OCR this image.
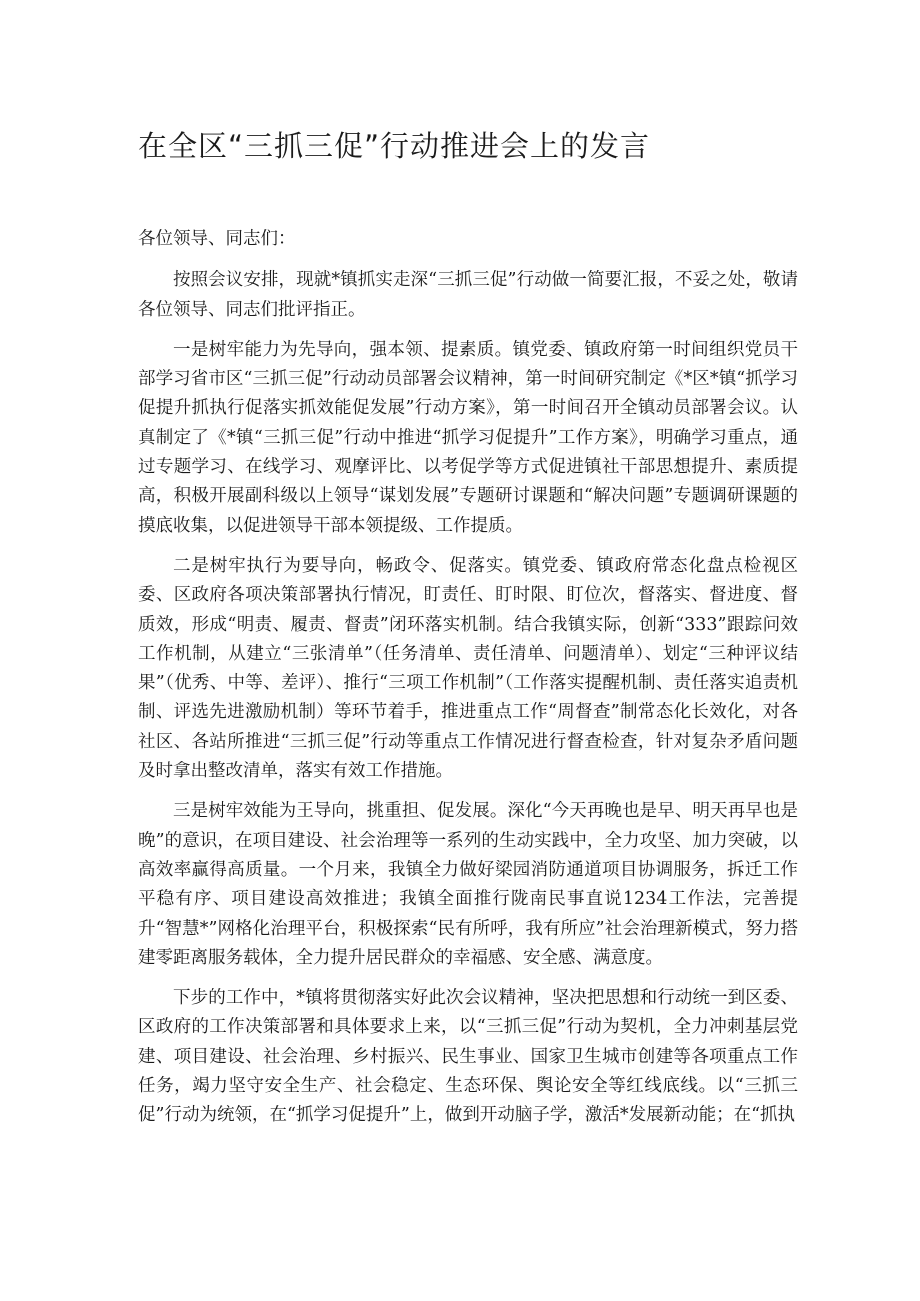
在全区“三抓三促”行动推进会上的发言

各位领导、同志们：

按照会议安排，现就*镇抓实走深“三抓三促”行动做一简要汇报，不妥之处，敬请各位领导、同志们批评指正。

一是树牢能力为先导向，强本领、提素质。镇党委、镇政府第一时间组织党员干部学习省市区“三抓三促”行动动员部署会议精神，第一时间研究制定《*区*镇“抓学习促提升抓执行促落实抓效能促发展”行动方案》，第一时间召开全镇动员部署会议。认真制定了《*镇“三抓三促”行动中推进“抓学习促提升”工作方案》，明确学习重点，通过专题学习、在线学习、观摩评比、以考促学等方式促进镇社干部思想提升、素质提高，积极开展副科级以上领导“谋划发展”专题研讨课题和“解决问题”专题调研课题的摸底收集，以促进领导干部本领提级、工作提质。

二是树牢执行为要导向，畅政令、促落实。镇党委、镇政府常态化盘点检视区委、区政府各项决策部署执行情况，盯责任、盯时限、盯位次，督落实、督进度、督质效，形成“明责、履责、督责”闭环落实机制。结合我镇实际，创新“333”跟踪问效工作机制，从建立“三张清单”（任务清单、责任清单、问题清单）、划定“三种评议结果”（优秀、中等、差评）、推行“三项工作机制”（工作落实提醒机制、责任落实追责机制、评选先进激励机制）等环节着手，推进重点工作“周督查”制常态化长效化，对各社区、各站所推进“三抓三促”行动等重点工作情况进行督查检查，针对复杂矛盾问题及时拿出整改清单，落实有效工作措施。

三是树牢效能为王导向，挑重担、促发展。深化“今天再晚也是早、明天再早也是晚”的意识，在项目建设、社会治理等一系列的生动实践中，全力攻坚、加力突破，以高效率赢得高质量。一个月来，我镇全力做好梁园消防通道项目协调服务，拆迁工作平稳有序、项目建设高效推进；我镇全面推行陇南民事直说1234工作法，完善提升“智慧*”网格化治理平台，积极探索“民有所呼，我有所应”社会治理新模式，努力搭建零距离服务载体，全力提升居民群众的幸福感、安全感、满意度。

下步的工作中，*镇将贯彻落实好此次会议精神，坚决把思想和行动统一到区委、区政府的工作决策部署和具体要求上来，以“三抓三促”行动为契机，全力冲刺基层党建、项目建设、社会治理、乡村振兴、民生事业、国家卫生城市创建等各项重点工作任务，竭力坚守安全生产、社会稳定、生态环保、舆论安全等红线底线。以“三抓三促”行动为统领，在“抓学习促提升”上，做到开动脑子学，激活*发展新动能；在“抓执
